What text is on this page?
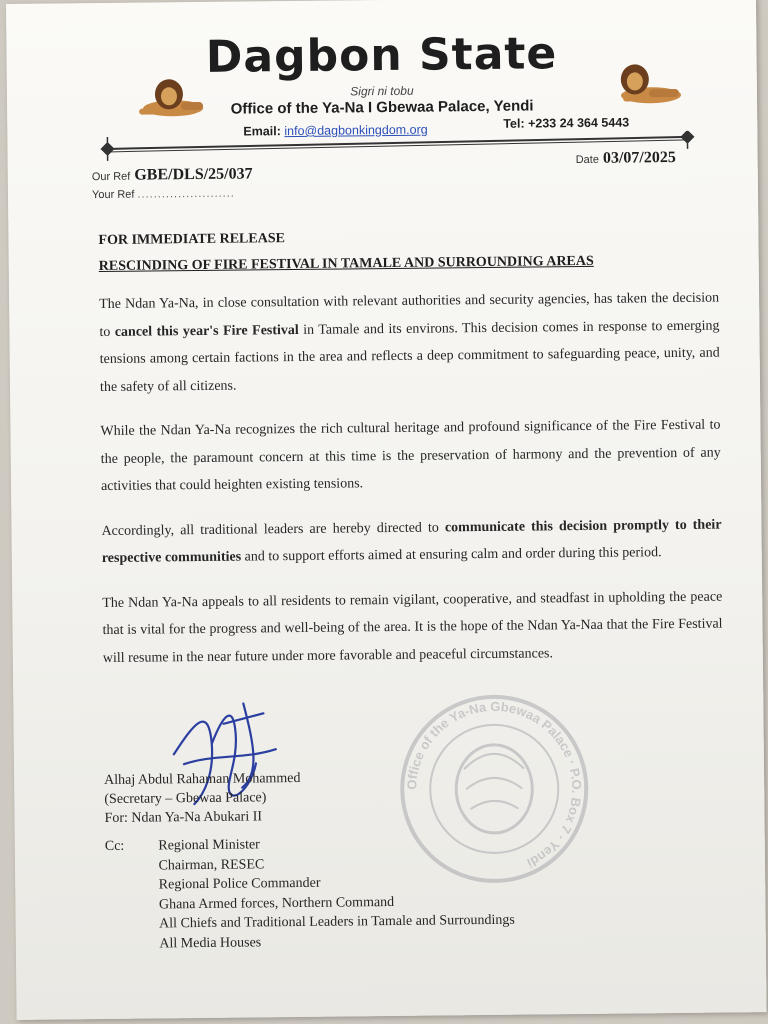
Dagbon State
Sigri ni tobu
Office of the Ya-Na I Gbewaa Palace, Yendi
Email: info@dagbonkingdom.org	Tel: +233 24 364 5443
Our Ref GBE/DLS/25/037
Your Ref ........................
Date 03/07/2025
FOR IMMEDIATE RELEASE
RESCINDING OF FIRE FESTIVAL IN TAMALE AND SURROUNDING AREAS

The Ndan Ya-Na, in close consultation with relevant authorities and security agencies, has taken the decision to cancel this year's Fire Festival in Tamale and its environs. This decision comes in response to emerging tensions among certain factions in the area and reflects a deep commitment to safeguarding peace, unity, and the safety of all citizens.

While the Ndan Ya-Na recognizes the rich cultural heritage and profound significance of the Fire Festival to the people, the paramount concern at this time is the preservation of harmony and the prevention of any activities that could heighten existing tensions.

Accordingly, all traditional leaders are hereby directed to communicate this decision promptly to their respective communities and to support efforts aimed at ensuring calm and order during this period.

The Ndan Ya-Na appeals to all residents to remain vigilant, cooperative, and steadfast in upholding the peace that is vital for the progress and well-being of the area. It is the hope of the Ndan Ya-Naa that the Fire Festival will resume in the near future under more favorable and peaceful circumstances.

Office of the Ya-Na Gbewaa Palace · P.O. Box 7 · Yendi
Alhaj Abdul Rahaman Mohammed
(Secretary – Gbewaa Palace)
For: Ndan Ya-Na Abukari II
Cc: Regional Minister
Chairman, RESEC
Regional Police Commander
Ghana Armed forces, Northern Command
All Chiefs and Traditional Leaders in Tamale and Surroundings
All Media Houses
